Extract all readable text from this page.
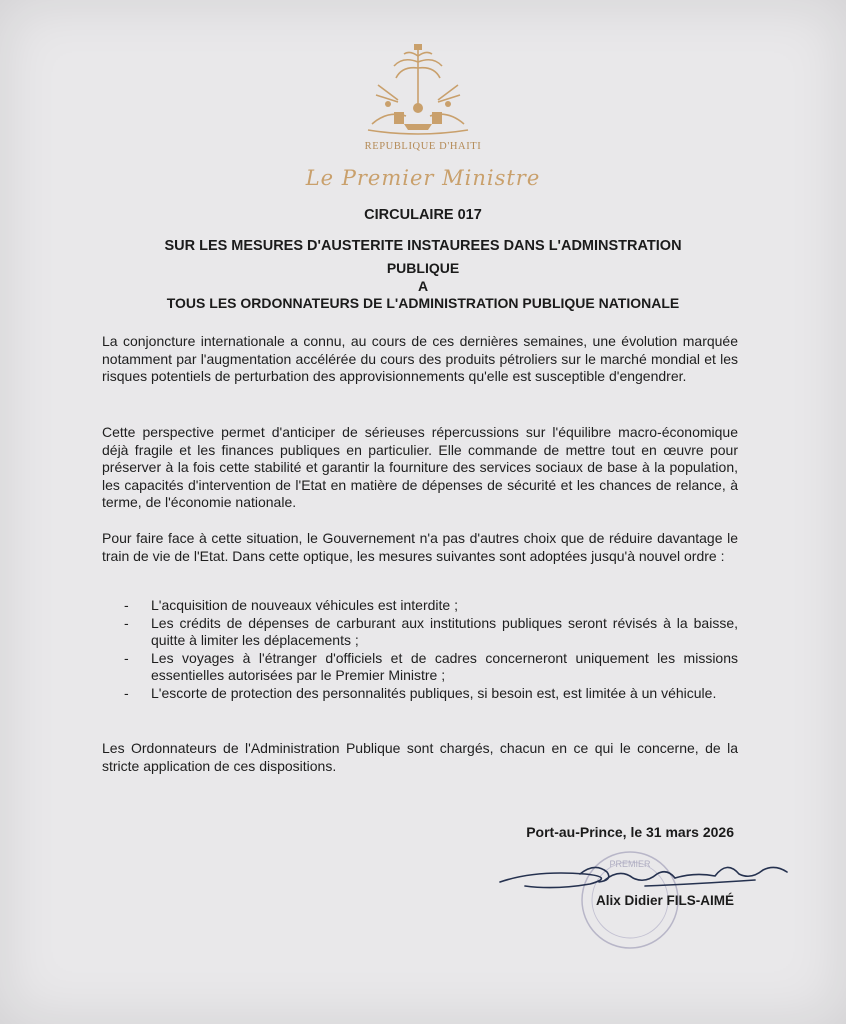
REPUBLIQUE D'HAITI
Le Premier Ministre
CIRCULAIRE 017
SUR LES MESURES D'AUSTERITE INSTAUREES DANS L'ADMINSTRATION
PUBLIQUE
A
TOUS LES ORDONNATEURS DE L'ADMINISTRATION PUBLIQUE NATIONALE
La conjoncture internationale a connu, au cours de ces dernières semaines, une évolution marquée notamment par l'augmentation accélérée du cours des produits pétroliers sur le marché mondial et les risques potentiels de perturbation des approvisionnements qu'elle est susceptible d'engendrer.
Cette perspective permet d'anticiper de sérieuses répercussions sur l'équilibre macro-économique déjà fragile et les finances publiques en particulier. Elle commande de mettre tout en œuvre pour préserver à la fois cette stabilité et garantir la fourniture des services sociaux de base à la population, les capacités d'intervention de l'Etat en matière de dépenses de sécurité et les chances de relance, à terme, de l'économie nationale.
Pour faire face à cette situation, le Gouvernement n'a pas d'autres choix que de réduire davantage le train de vie de l'Etat. Dans cette optique, les mesures suivantes sont adoptées jusqu'à nouvel ordre :
- L'acquisition de nouveaux véhicules est interdite ;
- Les crédits de dépenses de carburant aux institutions publiques seront révisés à la baisse, quitte à limiter les déplacements ;
- Les voyages à l'étranger d'officiels et de cadres concerneront uniquement les missions essentielles autorisées par le Premier Ministre ;
- L'escorte de protection des personnalités publiques, si besoin est, est limitée à un véhicule.
Les Ordonnateurs de l'Administration Publique sont chargés, chacun en ce qui le concerne, de la stricte application de ces dispositions.
Port-au-Prince, le 31 mars 2026
PREMIER
Alix Didier FILS-AIMÉ
